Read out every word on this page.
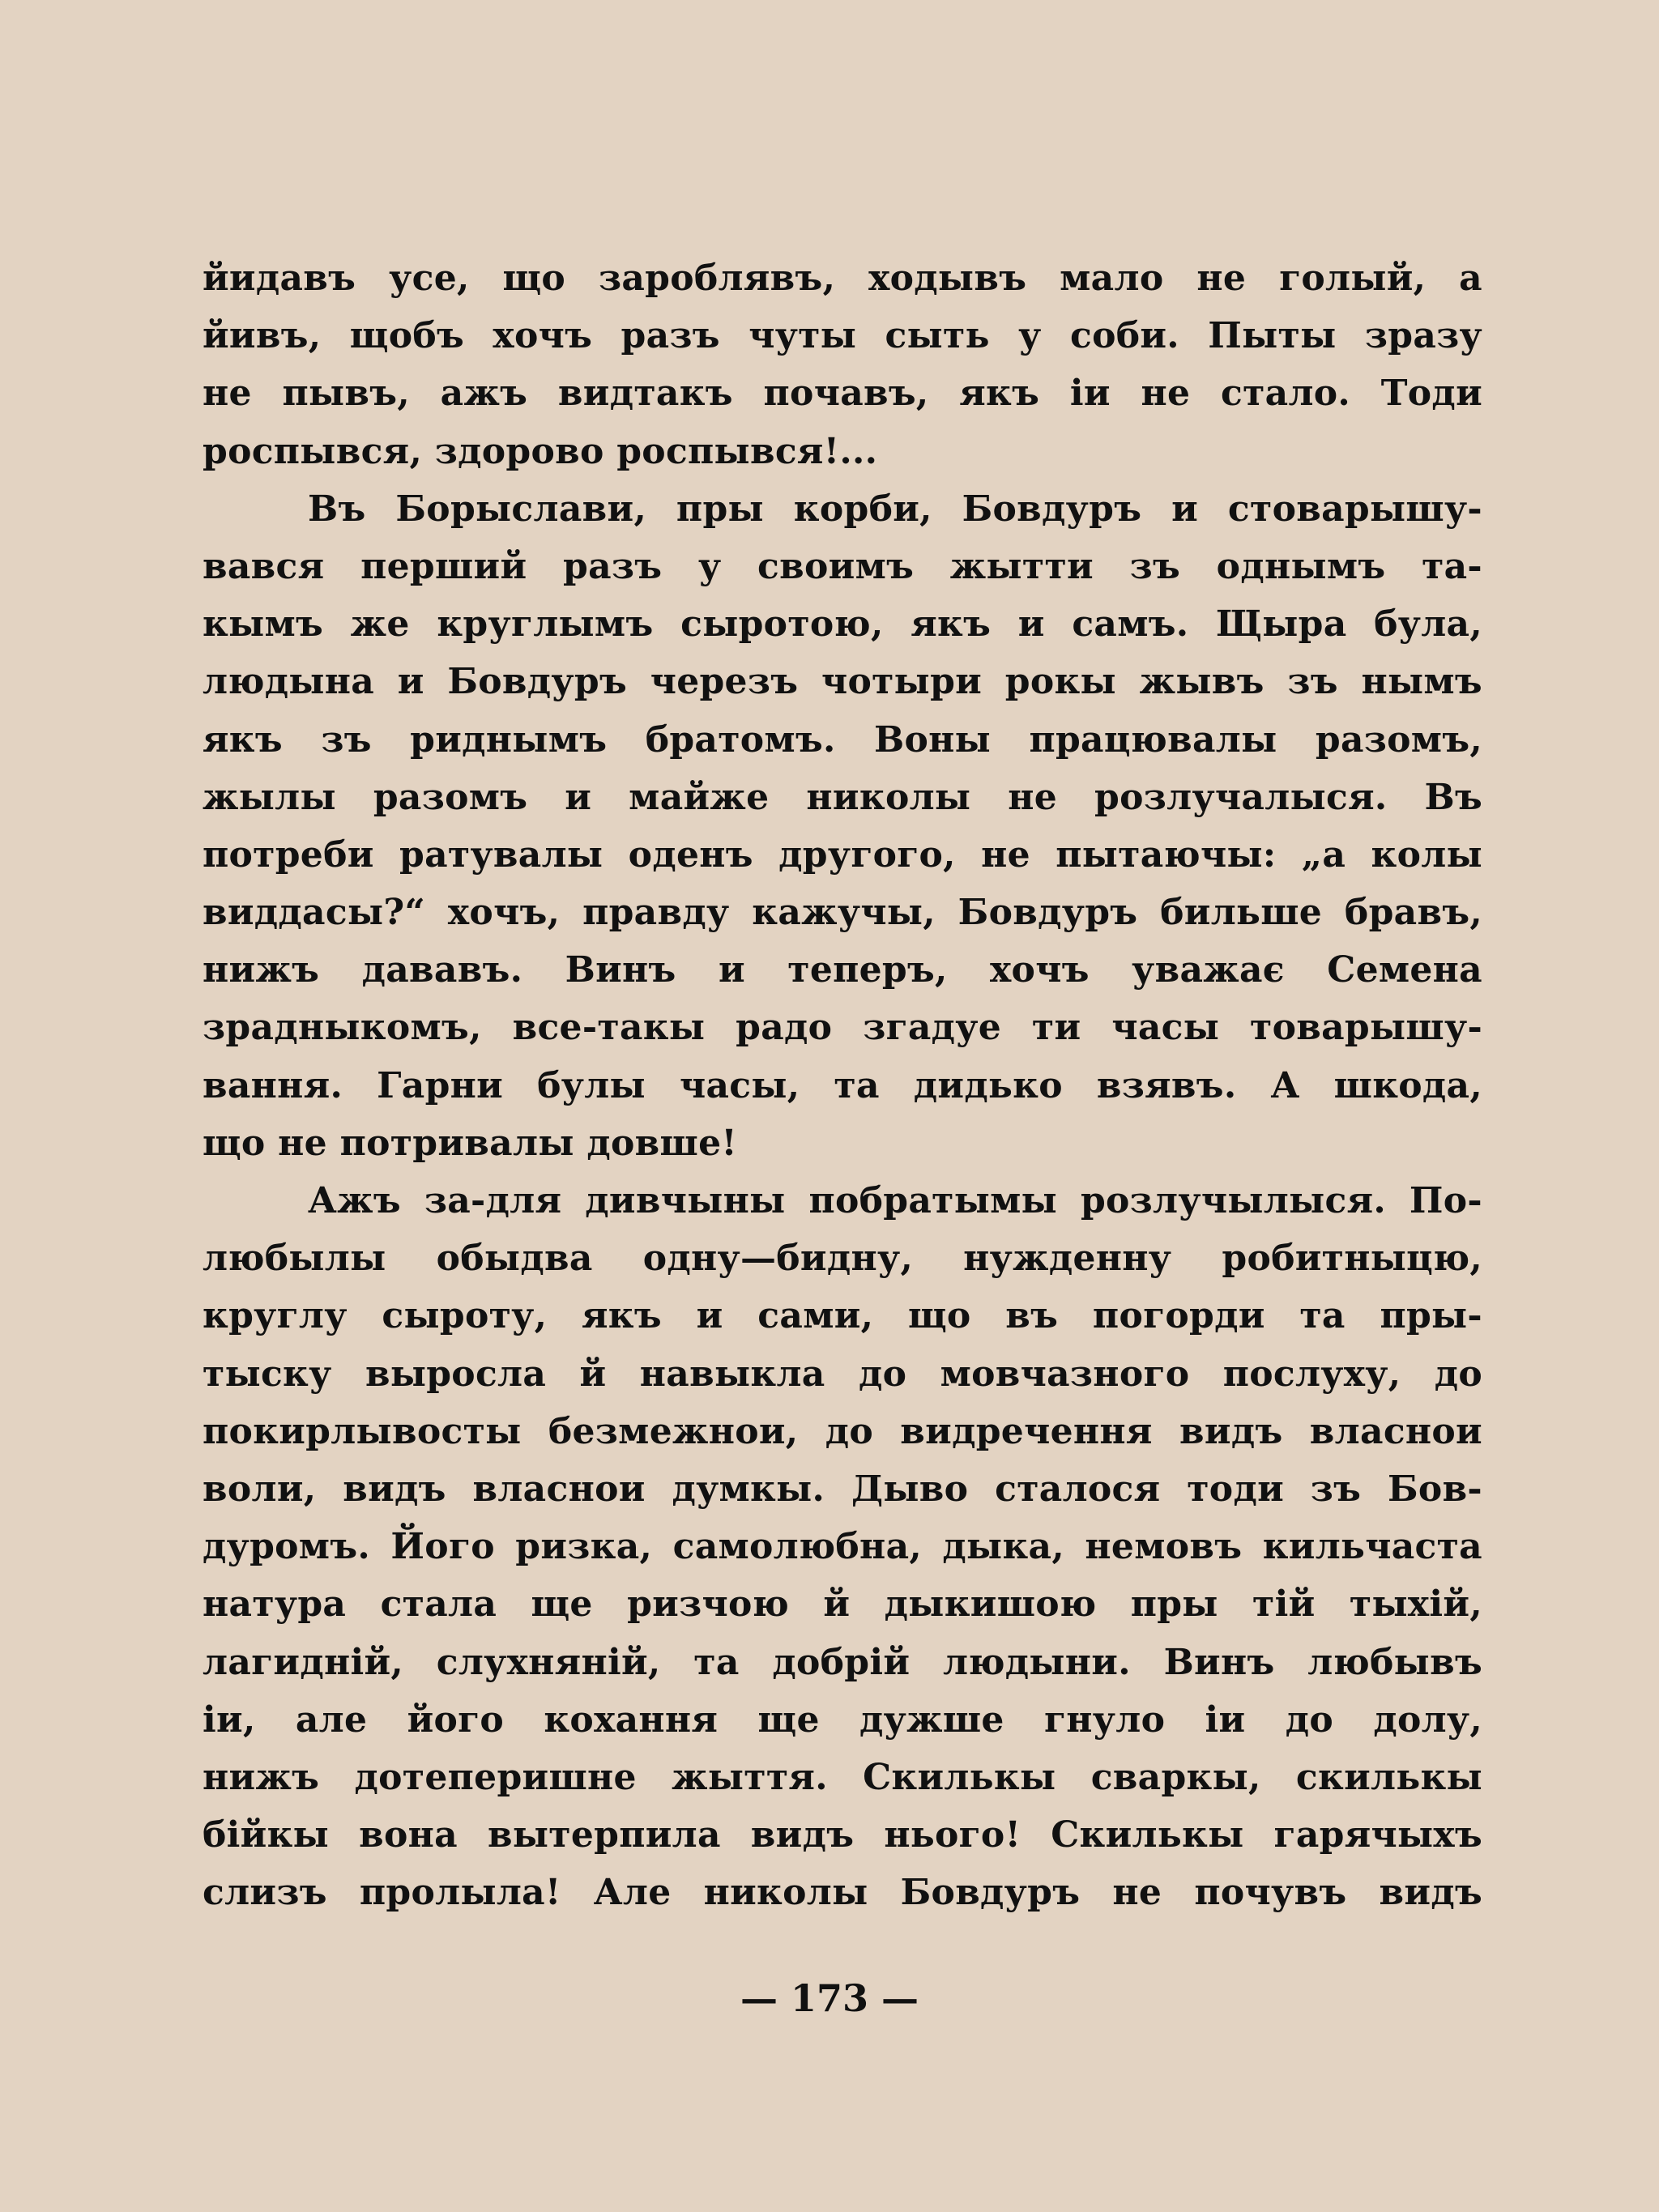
йидавъ усе, що зароблявъ, ходывъ мало не голый, а
йивъ, щобъ хочъ разъ чуты сыть у соби. Пыты зразу
не пывъ, ажъ видтакъ почавъ, якъ іи не стало. Тоди
роспывся, здорово роспывся!...
Въ Борыслави, пры корби, Бовдуръ и стоварышу-
вався перший разъ у своимъ жытти зъ однымъ та-
кымъ же круглымъ сыротою, якъ и самъ. Щыра була,
людына и Бовдуръ черезъ чотыри рокы жывъ зъ нымъ
якъ зъ риднымъ братомъ. Воны працювалы разомъ,
жылы разомъ и майже николы не розлучалыся. Въ
потреби ратувалы оденъ другого, не пытаючы: „а колы
виддасы?“ хочъ, правду кажучы, Бовдуръ бильше бравъ,
нижъ дававъ. Винъ и теперъ, хочъ уважає Семена
зрадныкомъ, все-такы радо згадуе ти часы товарышу-
вання. Гарни булы часы, та дидько взявъ. А шкода,
що не потривалы довше!
Ажъ за-для дивчыны побратымы розлучылыся. По-
любылы обыдва одну—бидну, нужденну робитныцю,
круглу сыроту, якъ и сами, що въ погорди та пры-
тыску выросла й навыкла до мовчазного послуху, до
покирлывосты безмежнои, до видречення видъ власнои
воли, видъ власнои думкы. Дыво сталося тоди зъ Бов-
дуромъ. Його ризка, самолюбна, дыка, немовъ кильчаста
натура стала ще ризчою й дыкишою пры тій тыхій,
лагидній, слухняній, та добрій людыни. Винъ любывъ
іи, але його кохання ще дужше гнуло іи до долу,
нижъ дотеперишне жыття. Скилькы сваркы, скилькы
бійкы вона вытерпила видъ нього! Скилькы гарячыхъ
слизъ пролыла! Але николы Бовдуръ не почувъ видъ
— 173 —
